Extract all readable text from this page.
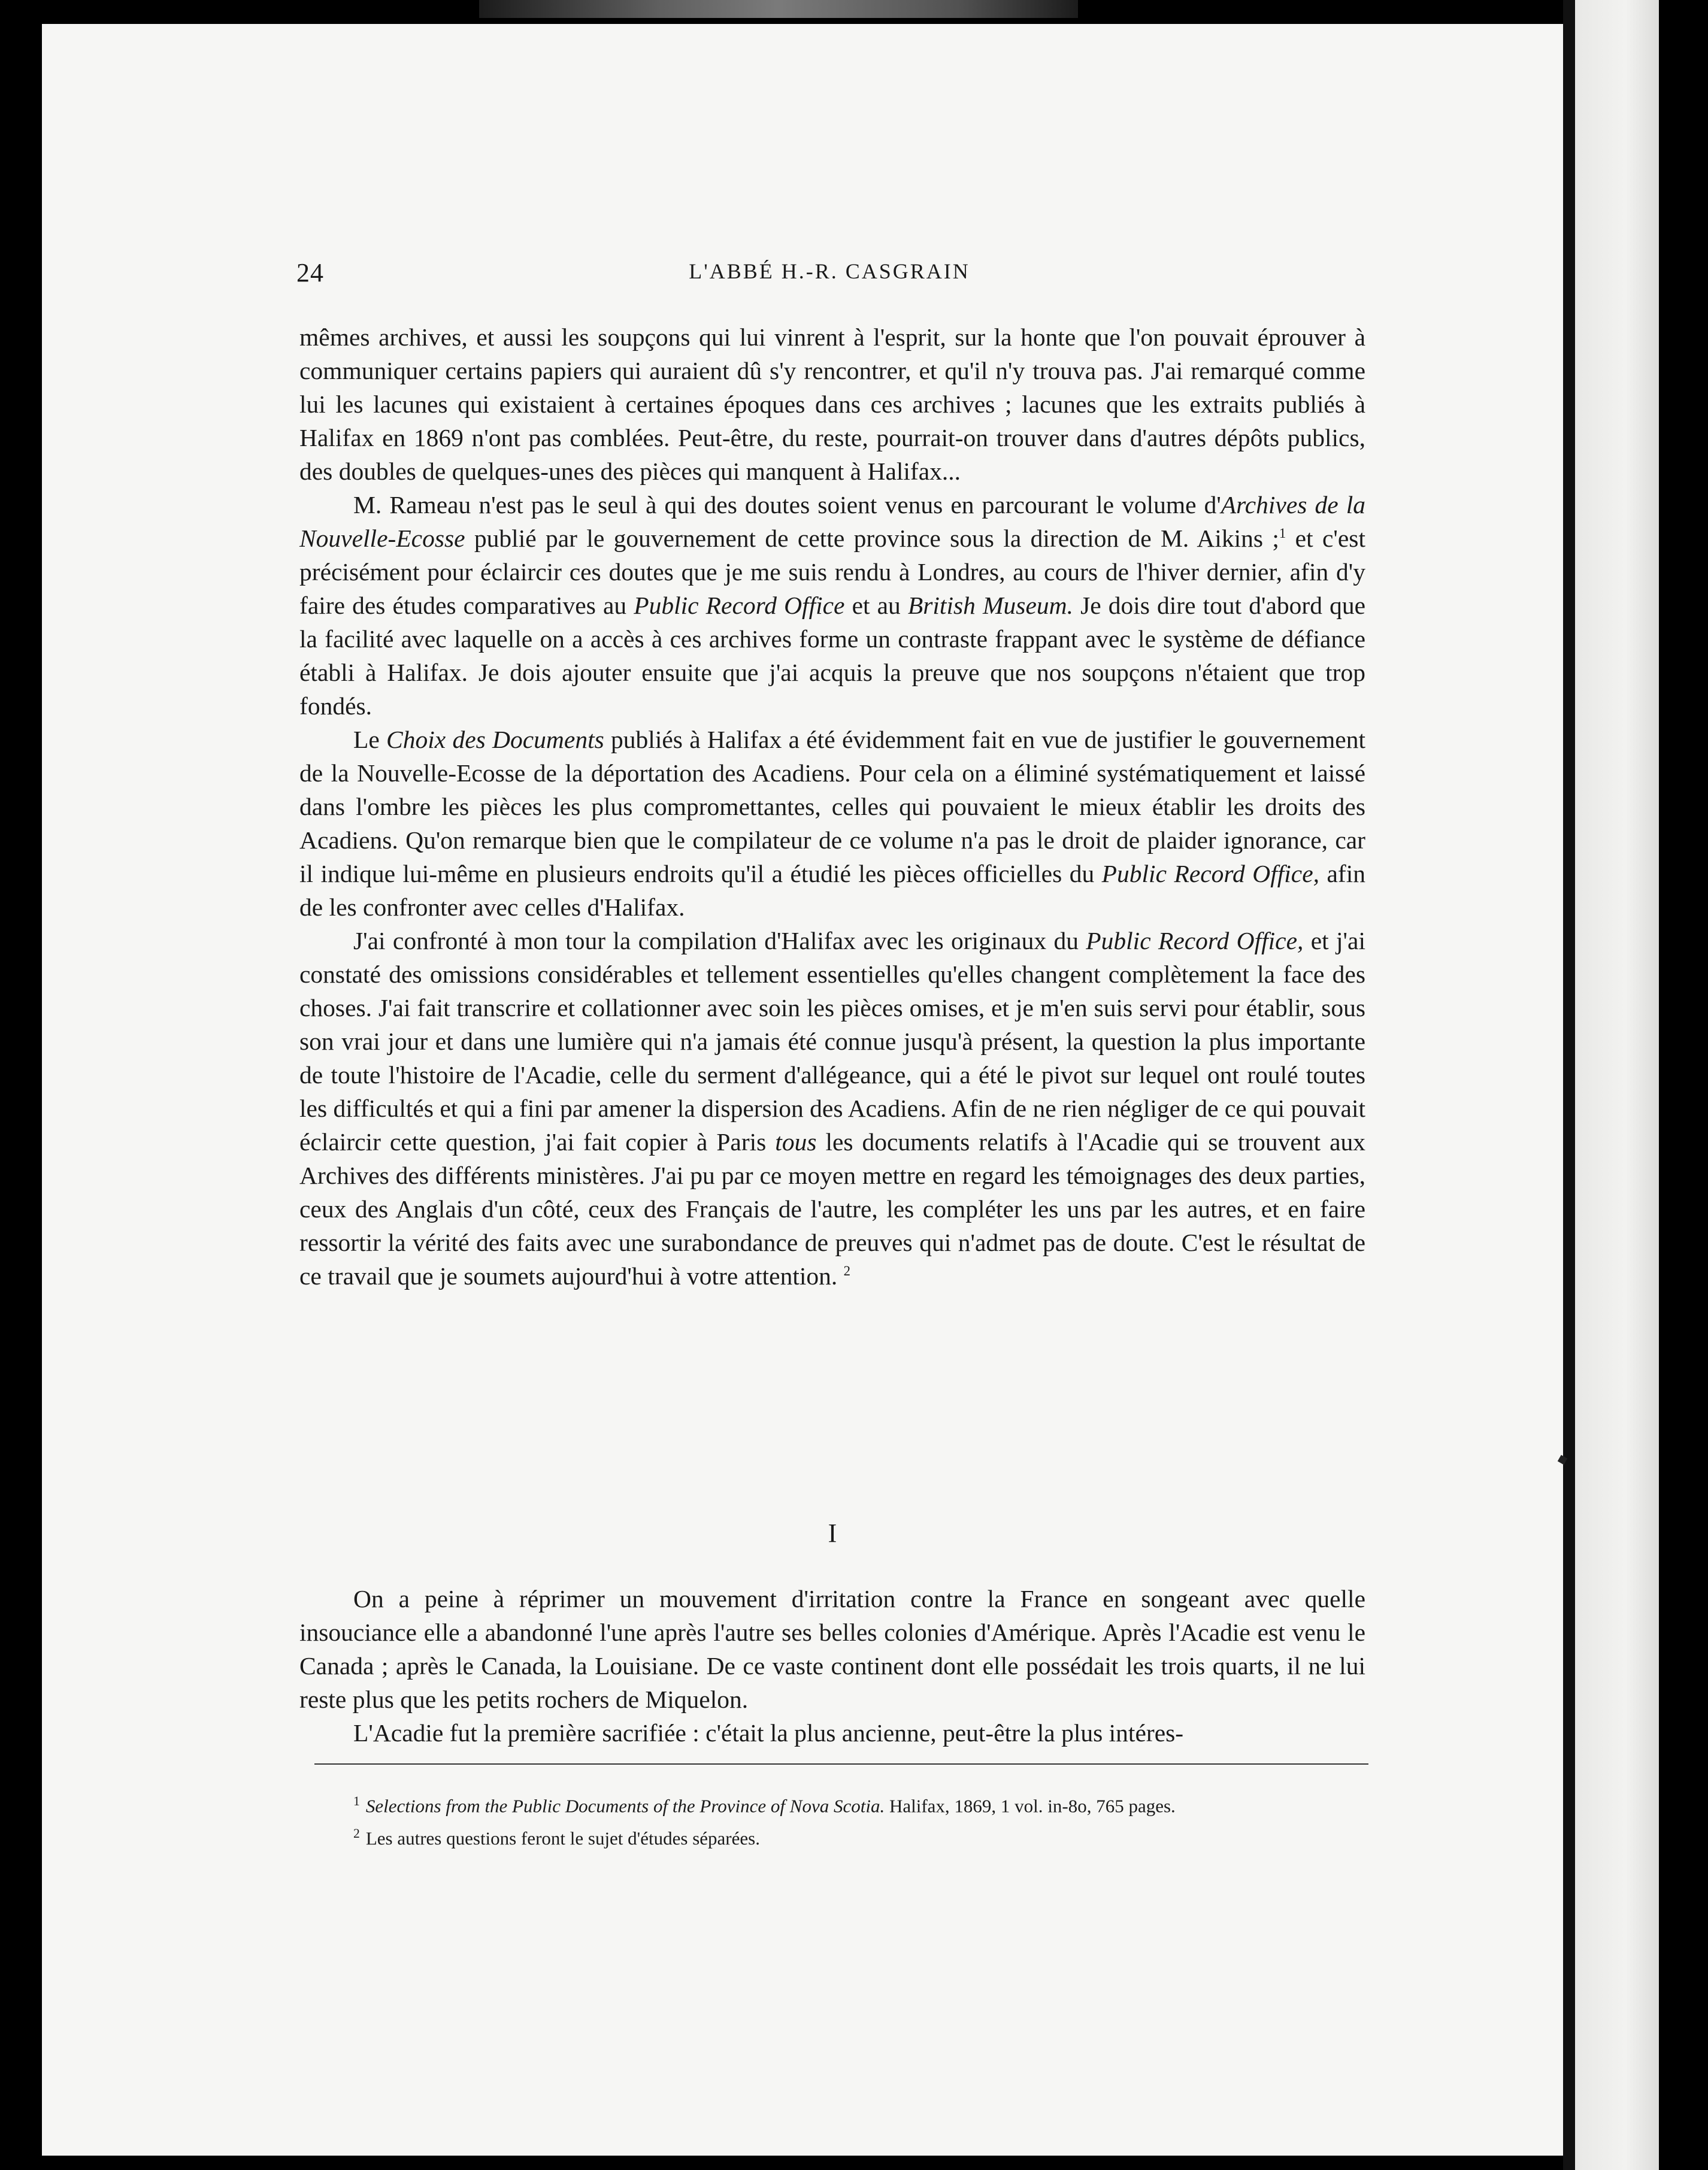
24	L'ABBÉ H.-R. CASGRAIN

mêmes archives, et aussi les soupçons qui lui vinrent à l'esprit, sur la honte que l'on pouvait éprouver à communiquer certains papiers qui auraient dû s'y rencontrer, et qu'il n'y trouva pas. J'ai remarqué comme lui les lacunes qui existaient à certaines époques dans ces archives ; lacunes que les extraits publiés à Halifax en 1869 n'ont pas comblées. Peut-être, du reste, pourrait-on trouver dans d'autres dépôts publics, des doubles de quelques-unes des pièces qui manquent à Halifax...

M. Rameau n'est pas le seul à qui des doutes soient venus en parcourant le volume d'Archives de la Nouvelle-Ecosse publié par le gouvernement de cette province sous la direction de M. Aikins ;$^1$ et c'est précisément pour éclaircir ces doutes que je me suis rendu à Londres, au cours de l'hiver dernier, afin d'y faire des études comparatives au Public Record Office et au British Museum. Je dois dire tout d'abord que la facilité avec laquelle on a accès à ces archives forme un contraste frappant avec le système de défiance établi à Halifax. Je dois ajouter ensuite que j'ai acquis la preuve que nos soupçons n'étaient que trop fondés.

Le Choix des Documents publiés à Halifax a été évidemment fait en vue de justifier le gouvernement de la Nouvelle-Ecosse de la déportation des Acadiens. Pour cela on a éliminé systématiquement et laissé dans l'ombre les pièces les plus compromettantes, celles qui pouvaient le mieux établir les droits des Acadiens. Qu'on remarque bien que le compilateur de ce volume n'a pas le droit de plaider ignorance, car il indique lui-même en plusieurs endroits qu'il a étudié les pièces officielles du Public Record Office, afin de les confronter avec celles d'Halifax.

J'ai confronté à mon tour la compilation d'Halifax avec les originaux du Public Record Office, et j'ai constaté des omissions considérables et tellement essentielles qu'elles changent complètement la face des choses. J'ai fait transcrire et collationner avec soin les pièces omises, et je m'en suis servi pour établir, sous son vrai jour et dans une lumière qui n'a jamais été connue jusqu'à présent, la question la plus importante de toute l'histoire de l'Acadie, celle du serment d'allégeance, qui a été le pivot sur lequel ont roulé toutes les difficultés et qui a fini par amener la dispersion des Acadiens. Afin de ne rien négliger de ce qui pouvait éclaircir cette question, j'ai fait copier à Paris tous les documents relatifs à l'Acadie qui se trouvent aux Archives des différents ministères. J'ai pu par ce moyen mettre en regard les témoignages des deux parties, ceux des Anglais d'un côté, ceux des Français de l'autre, les compléter les uns par les autres, et en faire ressortir la vérité des faits avec une surabondance de preuves qui n'admet pas de doute. C'est le résultat de ce travail que je soumets aujourd'hui à votre attention. $^2$

I

On a peine à réprimer un mouvement d'irritation contre la France en songeant avec quelle insouciance elle a abandonné l'une après l'autre ses belles colonies d'Amérique. Après l'Acadie est venu le Canada ; après le Canada, la Louisiane. De ce vaste continent dont elle possédait les trois quarts, il ne lui reste plus que les petits rochers de Miquelon.

L'Acadie fut la première sacrifiée : c'était la plus ancienne, peut-être la plus intéres-

$^1$ Selections from the Public Documents of the Province of Nova Scotia. Halifax, 1869, 1 vol. in-8o, 765 pages.
$^2$ Les autres questions feront le sujet d'études séparées.
